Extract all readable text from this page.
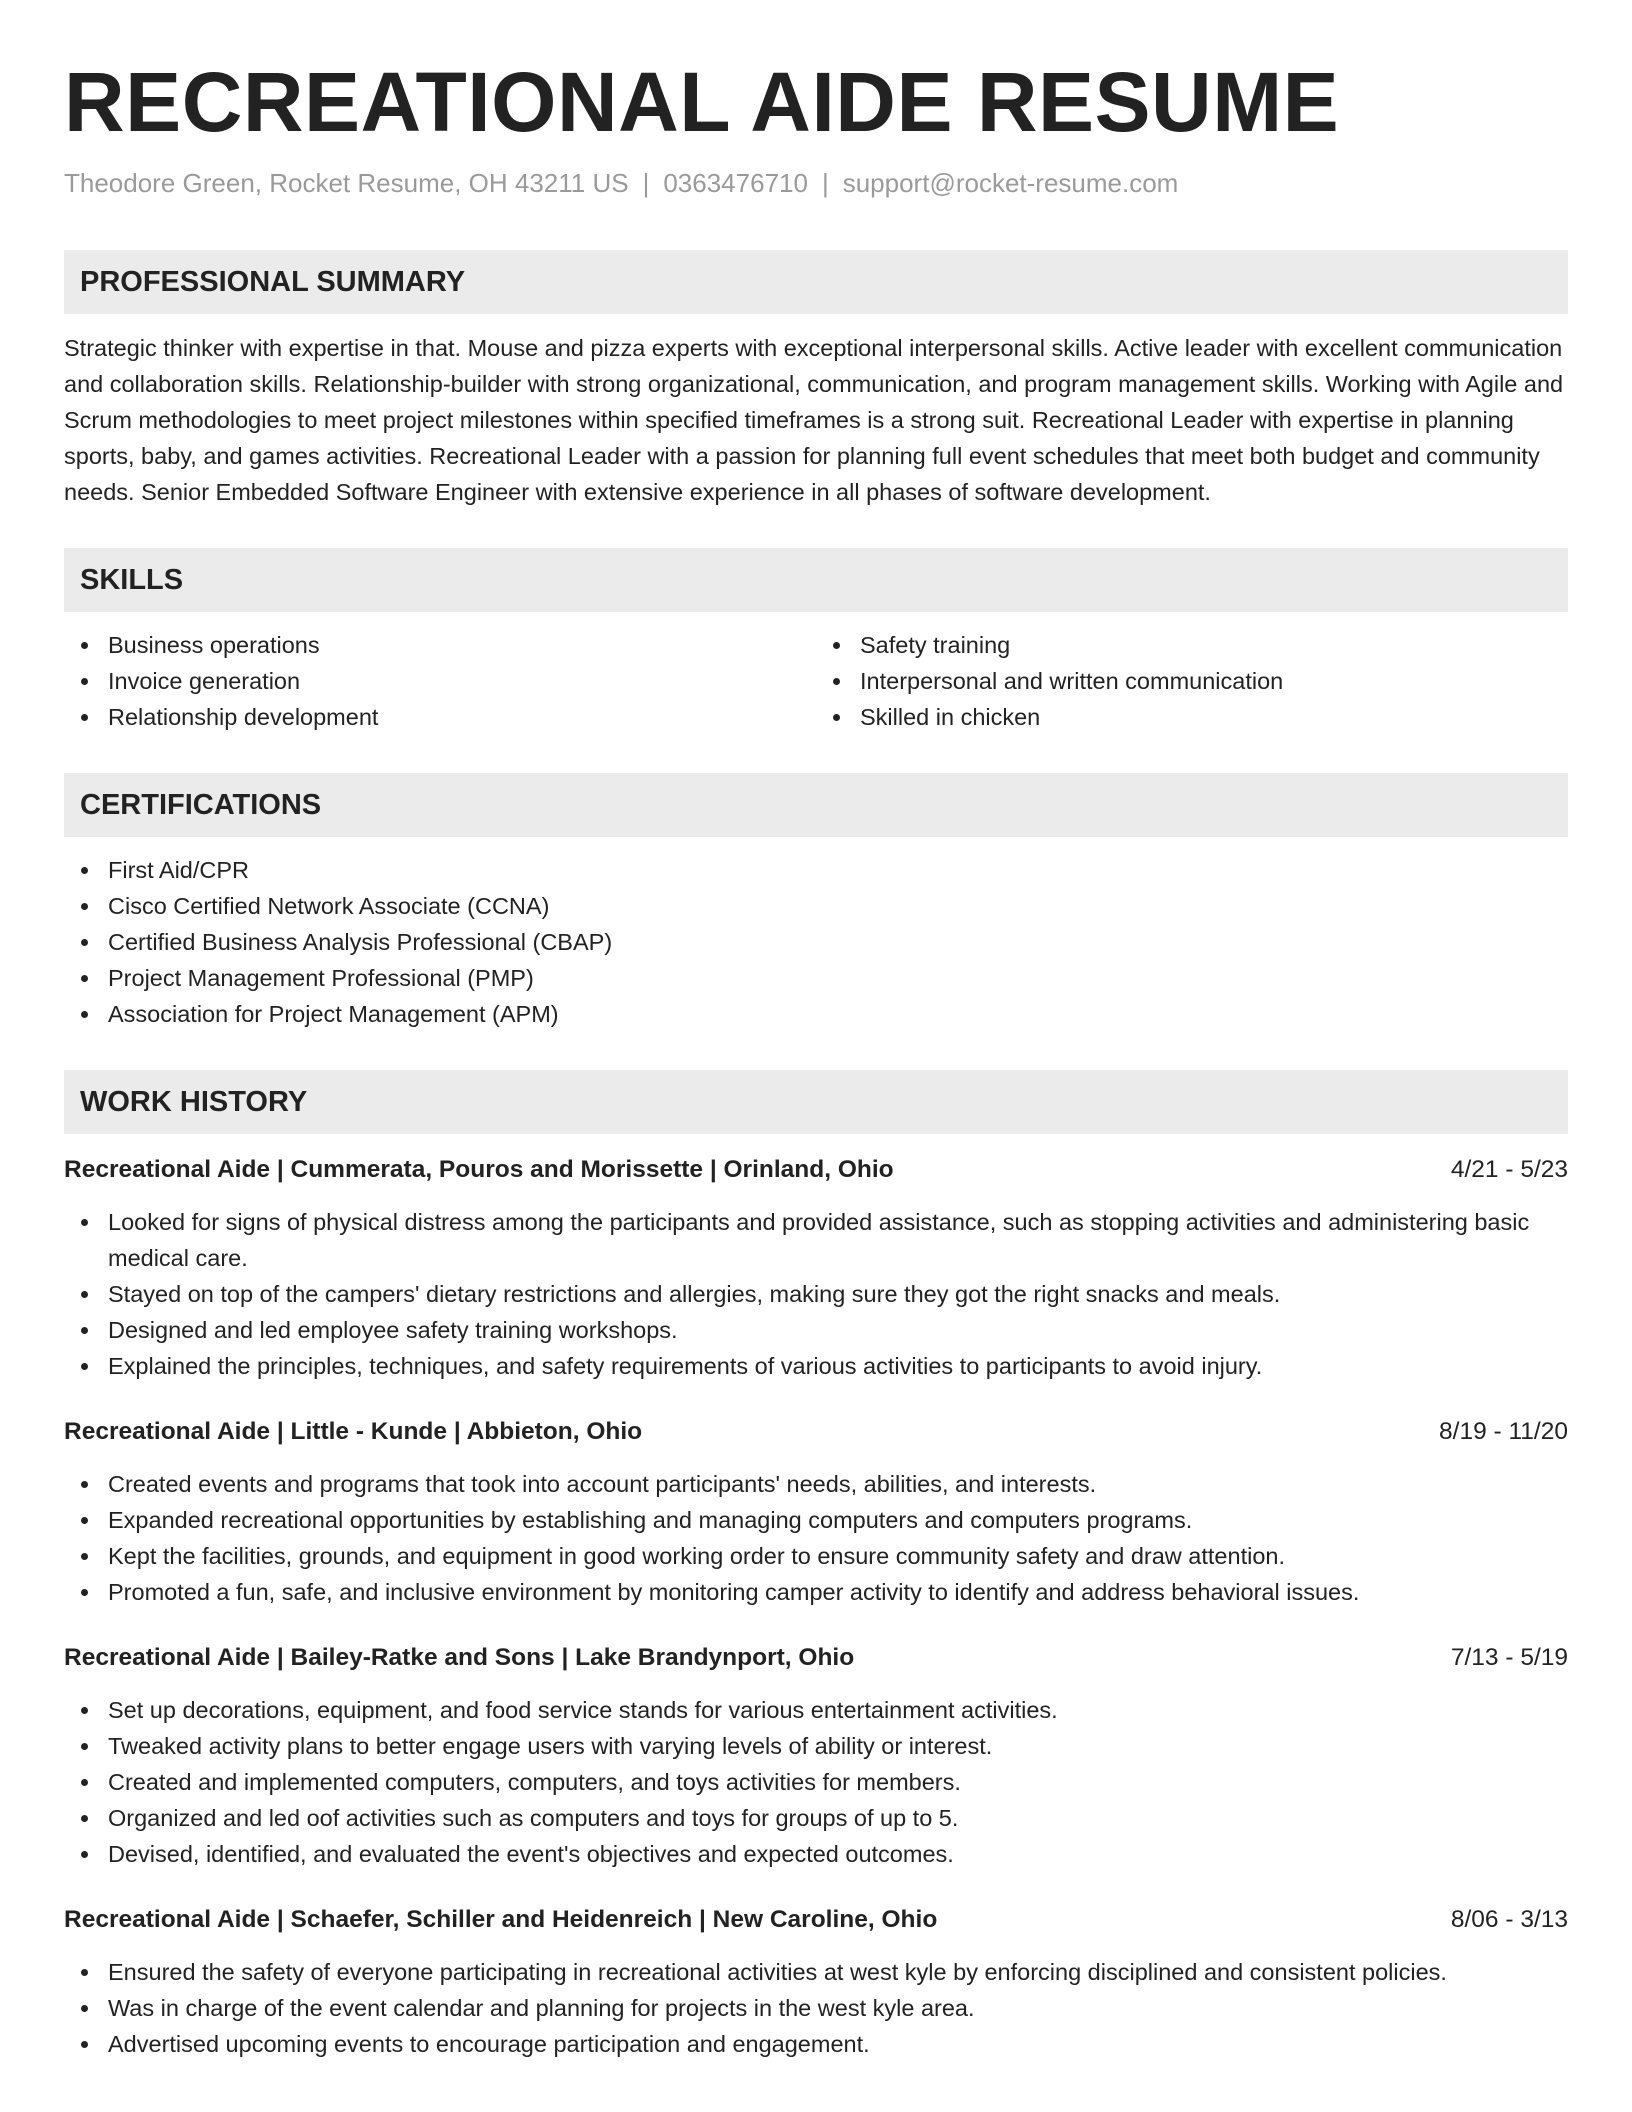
RECREATIONAL AIDE RESUME
Theodore Green, Rocket Resume, OH 43211 US | 0363476710 | support@rocket-resume.com
PROFESSIONAL SUMMARY

Strategic thinker with expertise in that. Mouse and pizza experts with exceptional interpersonal skills. Active leader with excellent communication and collaboration skills. Relationship-builder with strong organizational, communication, and program management skills. Working with Agile and Scrum methodologies to meet project milestones within specified timeframes is a strong suit. Recreational Leader with expertise in planning sports, baby, and games activities. Recreational Leader with a passion for planning full event schedules that meet both budget and community needs. Senior Embedded Software Engineer with extensive experience in all phases of software development.

SKILLS
Business operations
Invoice generation
Relationship development
Safety training
Interpersonal and written communication
Skilled in chicken
CERTIFICATIONS
First Aid/CPR
Cisco Certified Network Associate (CCNA)
Certified Business Analysis Professional (CBAP)
Project Management Professional (PMP)
Association for Project Management (APM)
WORK HISTORY
Recreational Aide | Cummerata, Pouros and Morissette | Orinland, Ohio	4/21 - 5/23
Looked for signs of physical distress among the participants and provided assistance, such as stopping activities and administering basic medical care.
Stayed on top of the campers' dietary restrictions and allergies, making sure they got the right snacks and meals.
Designed and led employee safety training workshops.
Explained the principles, techniques, and safety requirements of various activities to participants to avoid injury.
Recreational Aide | Little - Kunde | Abbieton, Ohio	8/19 - 11/20
Created events and programs that took into account participants' needs, abilities, and interests.
Expanded recreational opportunities by establishing and managing computers and computers programs.
Kept the facilities, grounds, and equipment in good working order to ensure community safety and draw attention.
Promoted a fun, safe, and inclusive environment by monitoring camper activity to identify and address behavioral issues.
Recreational Aide | Bailey-Ratke and Sons | Lake Brandynport, Ohio	7/13 - 5/19
Set up decorations, equipment, and food service stands for various entertainment activities.
Tweaked activity plans to better engage users with varying levels of ability or interest.
Created and implemented computers, computers, and toys activities for members.
Organized and led oof activities such as computers and toys for groups of up to 5.
Devised, identified, and evaluated the event's objectives and expected outcomes.
Recreational Aide | Schaefer, Schiller and Heidenreich | New Caroline, Ohio	8/06 - 3/13
Ensured the safety of everyone participating in recreational activities at west kyle by enforcing disciplined and consistent policies.
Was in charge of the event calendar and planning for projects in the west kyle area.
Advertised upcoming events to encourage participation and engagement.
